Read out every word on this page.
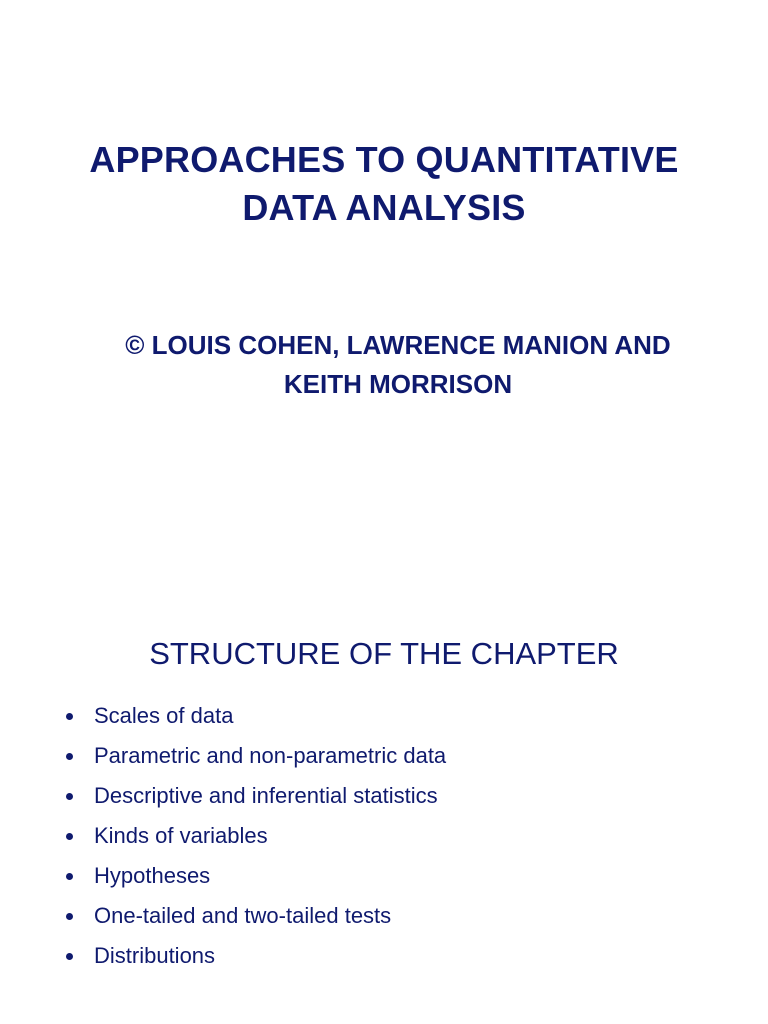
APPROACHES TO QUANTITATIVE
DATA ANALYSIS

© LOUIS COHEN, LAWRENCE MANION AND
KEITH MORRISON

STRUCTURE OF THE CHAPTER
Scales of data
Parametric and non-parametric data
Descriptive and inferential statistics
Kinds of variables
Hypotheses
One-tailed and two-tailed tests
Distributions
